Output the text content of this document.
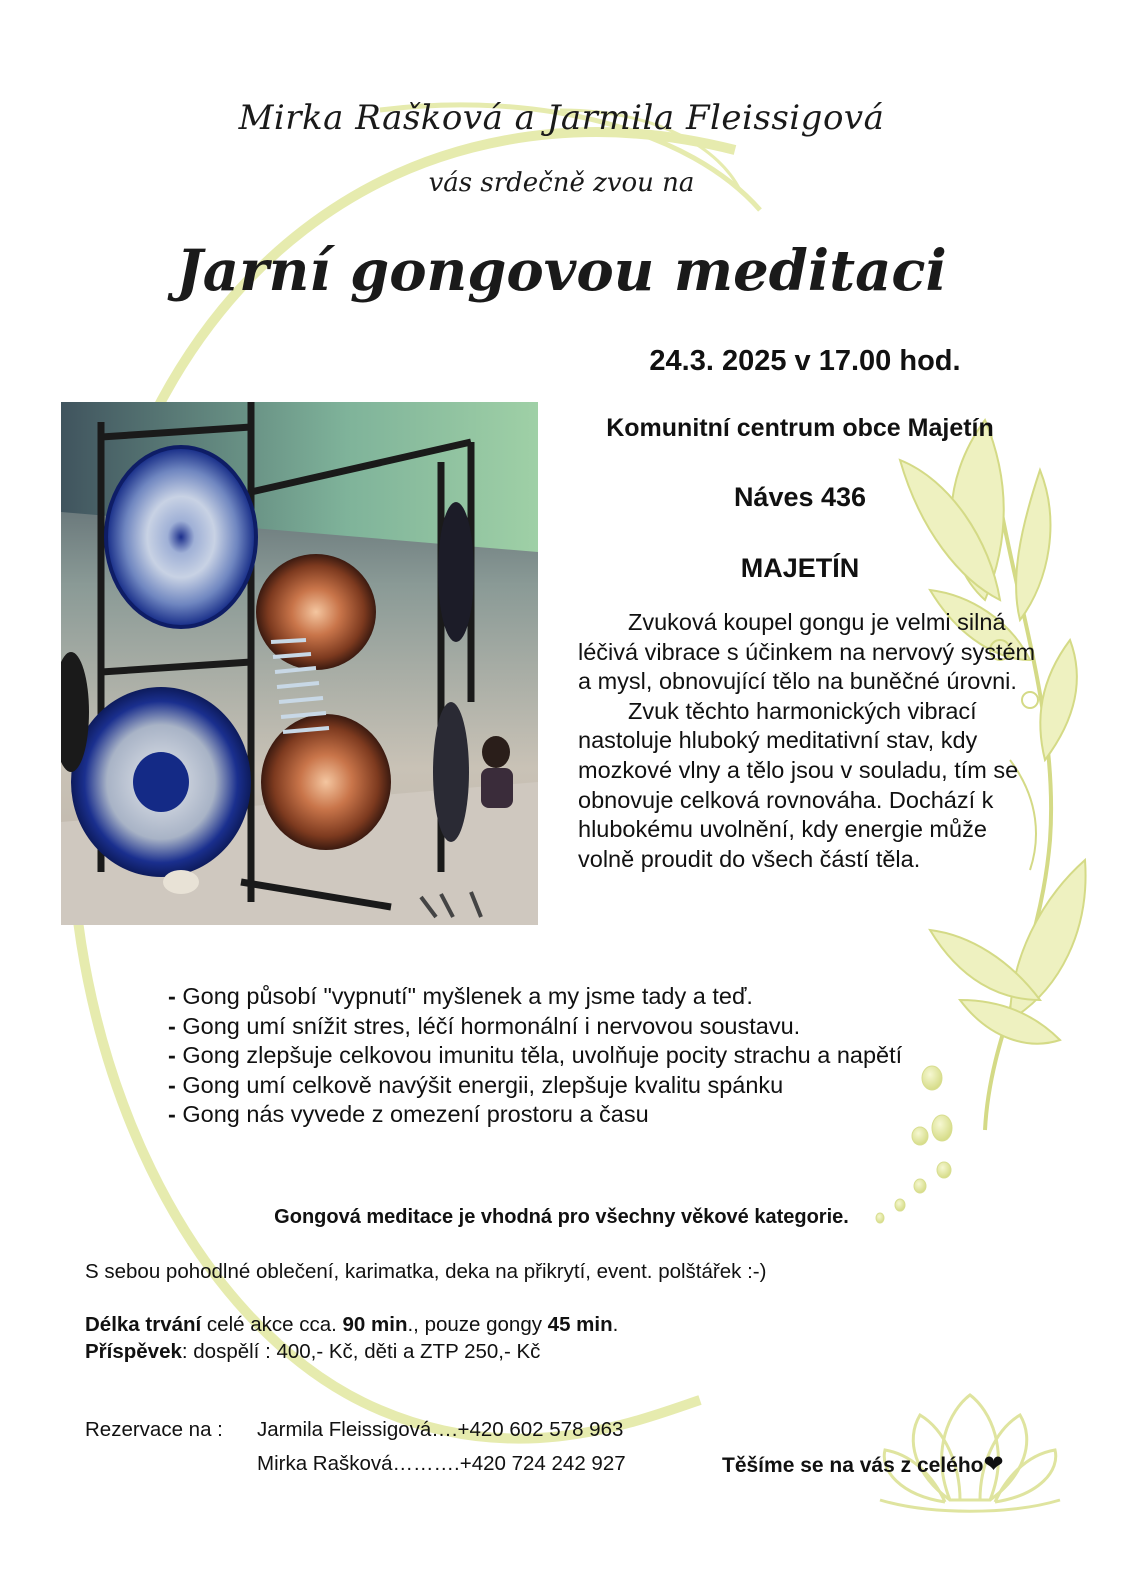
Mirka Rašková a Jarmila Fleissigová
vás srdečně zvou na
Jarní gongovou meditaci
24.3. 2025 v 17.00 hod.
Komunitní centrum obce Majetín
Náves 436
MAJETÍN

Zvuková koupel gongu je velmi silná léčivá vibrace s účinkem na nervový systém a mysl, obnovující tělo na buněčné úrovni.

Zvuk těchto harmonických vibrací nastoluje hluboký meditativní stav, kdy mozkové vlny a tělo jsou v souladu, tím se obnovuje celková rovnováha. Dochází k hlubokému uvolnění, kdy energie může volně proudit do všech částí těla.

- Gong působí "vypnutí" myšlenek a my jsme tady a teď.
- Gong umí snížit stres, léčí hormonální i nervovou soustavu.
- Gong zlepšuje celkovou imunitu těla, uvolňuje pocity strachu a napětí
- Gong umí celkově navýšit energii, zlepšuje kvalitu spánku
- Gong nás vyvede z omezení prostoru a času
Gongová meditace je vhodná pro všechny věkové kategorie.
S sebou pohodlné oblečení, karimatka, deka na přikrytí, event. polštářek :-)
Délka trvání celé akce cca. 90 min., pouze gongy 45 min.
Příspěvek: dospělí : 400,- Kč, děti a ZTP 250,- Kč
Rezervace na : Jarmila Fleissigová….+420 602 578 963
Mirka Rašková……….+420 724 242 927	Těšíme se na vás z celého❤
